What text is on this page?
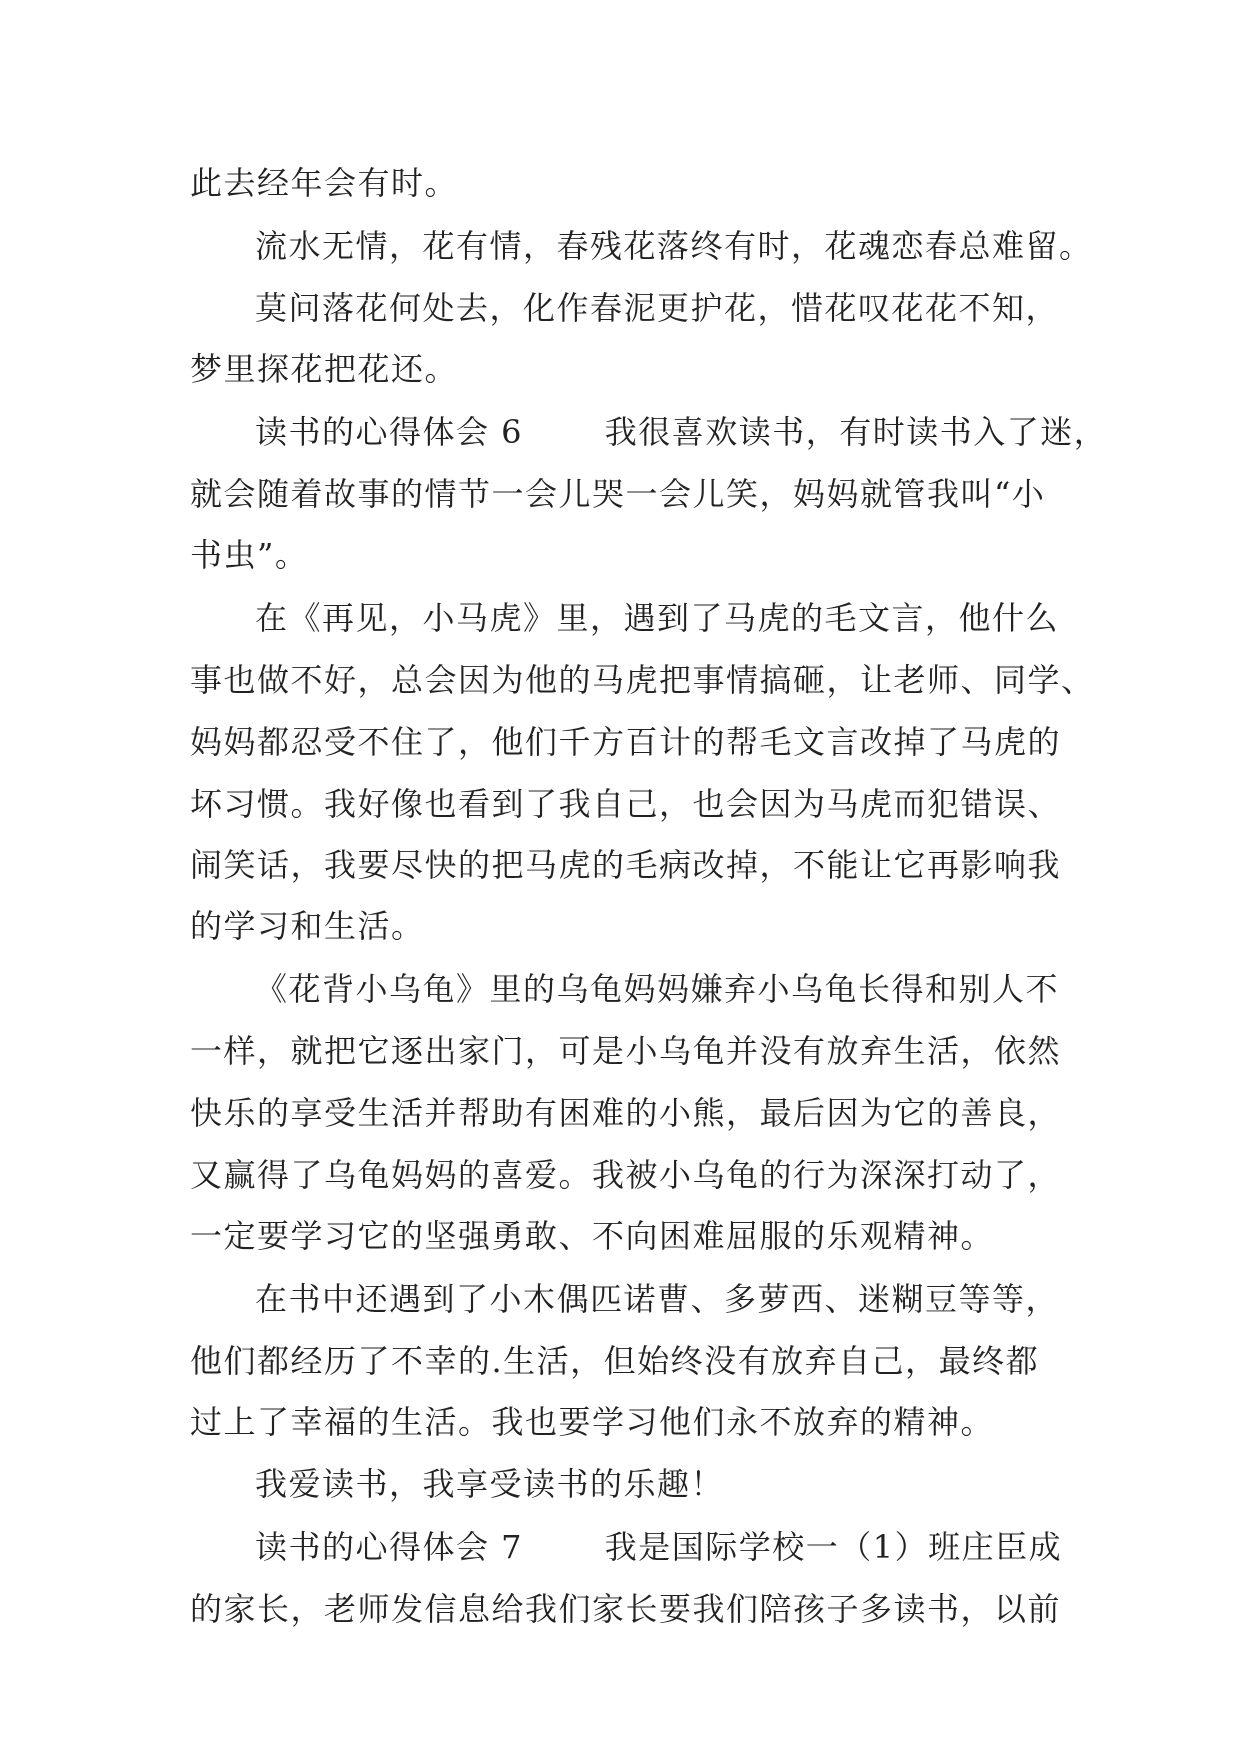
此去经年会有时。
流水无情，花有情，春残花落终有时，花魂恋春总难留。
莫问落花何处去，化作春泥更护花，惜花叹花花不知，
梦里探花把花还。
读书的心得体会 6       我很喜欢读书，有时读书入了迷，
就会随着故事的情节一会儿哭一会儿笑，妈妈就管我叫“小
书虫”。
在《再见，小马虎》里，遇到了马虎的毛文言，他什么
事也做不好，总会因为他的马虎把事情搞砸，让老师、同学、
妈妈都忍受不住了，他们千方百计的帮毛文言改掉了马虎的
坏习惯。我好像也看到了我自己，也会因为马虎而犯错误、
闹笑话，我要尽快的把马虎的毛病改掉，不能让它再影响我
的学习和生活。
《花背小乌龟》里的乌龟妈妈嫌弃小乌龟长得和别人不
一样，就把它逐出家门，可是小乌龟并没有放弃生活，依然
快乐的享受生活并帮助有困难的小熊，最后因为它的善良，
又赢得了乌龟妈妈的喜爱。我被小乌龟的行为深深打动了，
一定要学习它的坚强勇敢、不向困难屈服的乐观精神。
在书中还遇到了小木偶匹诺曹、多萝西、迷糊豆等等，
他们都经历了不幸的.生活，但始终没有放弃自己，最终都
过上了幸福的生活。我也要学习他们永不放弃的精神。
我爱读书，我享受读书的乐趣！
读书的心得体会 7       我是国际学校一（1）班庄臣成
的家长，老师发信息给我们家长要我们陪孩子多读书，以前
